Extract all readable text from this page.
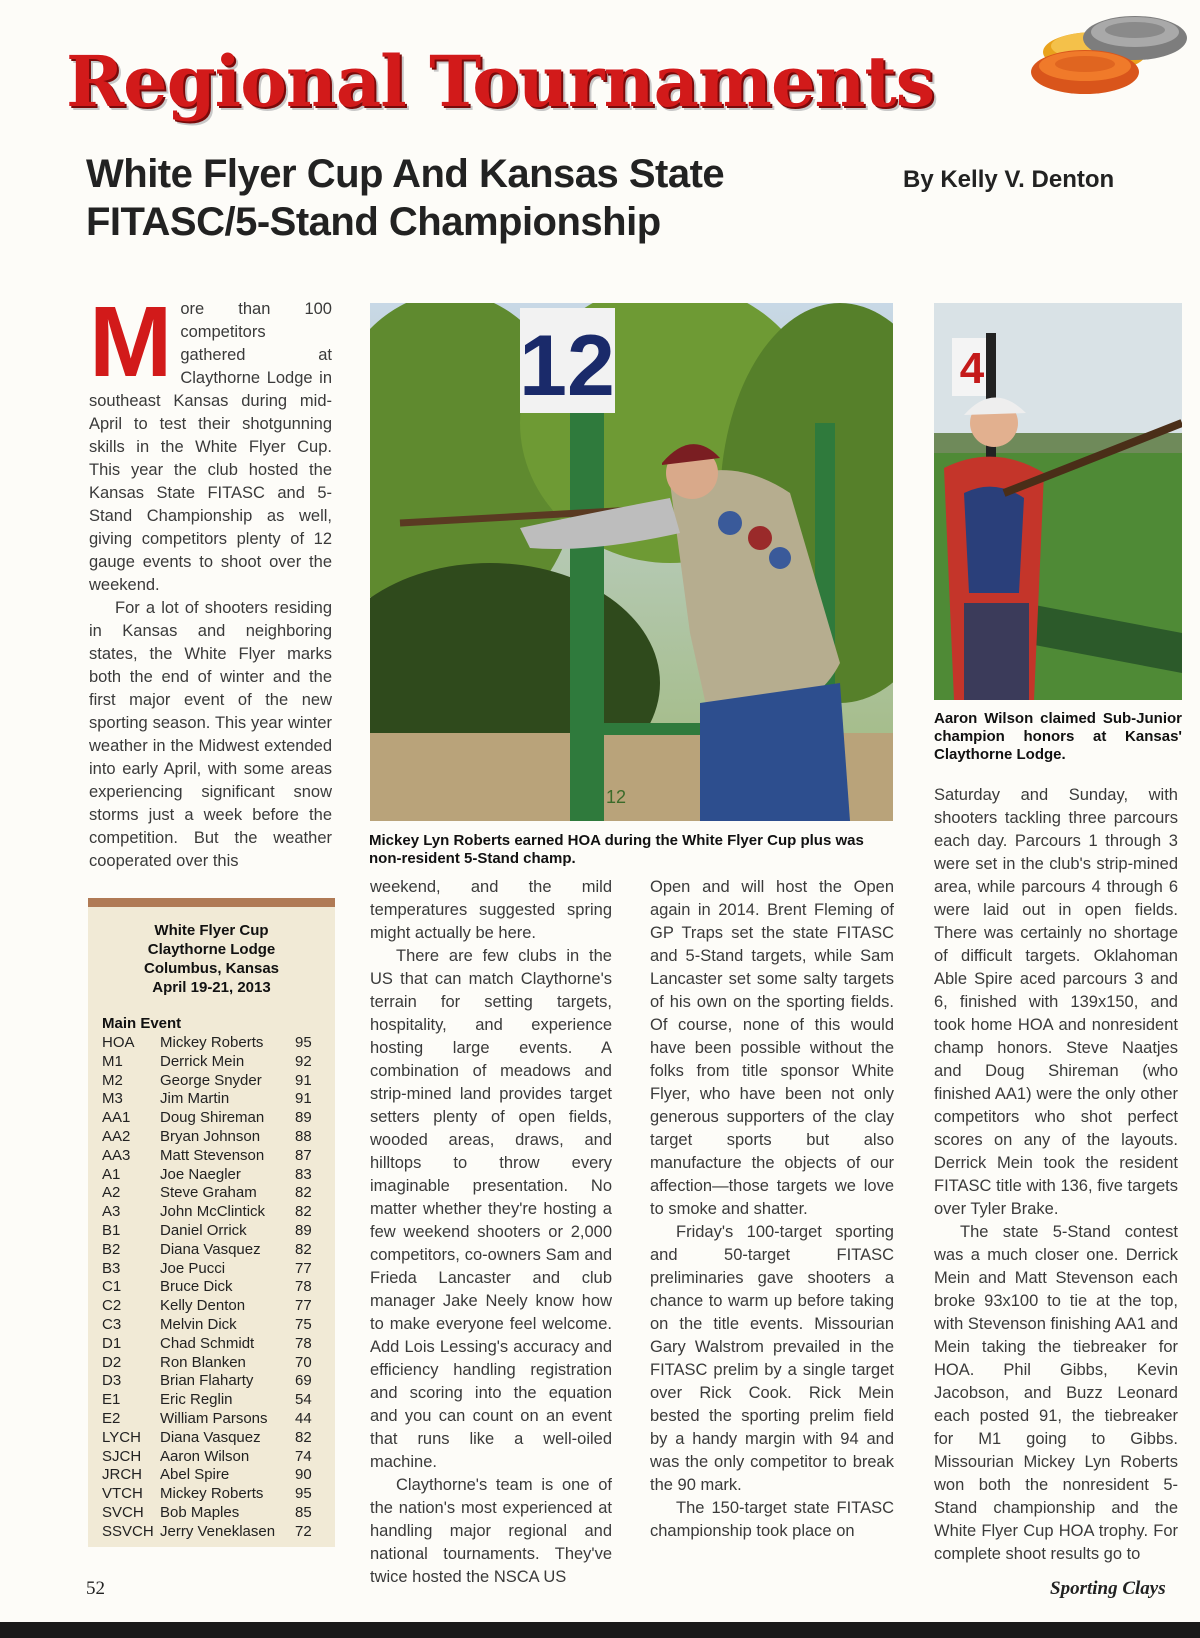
Regional Tournaments
White Flyer Cup And Kansas State FITASC/5-Stand Championship
By Kelly V. Denton
M ore than 100 competitors gathered at Claythorne Lodge in southeast Kansas during mid-April to test their shotgunning skills in the White Flyer Cup. This year the club hosted the Kansas State FITASC and 5-Stand Championship as well, giving competitors plenty of 12 gauge events to shoot over the weekend.

For a lot of shooters residing in Kansas and neighboring states, the White Flyer marks both the end of winter and the first major event of the new sporting season. This year winter weather in the Midwest extended into early April, with some areas experiencing significant snow storms just a week before the competition. But the weather cooperated over this

12
12
Mickey Lyn Roberts earned HOA during the White Flyer Cup plus was non-resident 5-Stand champ.
4
Aaron Wilson claimed Sub-Junior champion honors at Kansas' Claythorne Lodge.

weekend, and the mild temperatures suggested spring might actually be here.

There are few clubs in the US that can match Claythorne's terrain for setting targets, hospitality, and experience hosting large events. A combination of meadows and strip-mined land provides target setters plenty of open fields, wooded areas, draws, and hilltops to throw every imaginable presentation. No matter whether they're hosting a few weekend shooters or 2,000 competitors, co-owners Sam and Frieda Lancaster and club manager Jake Neely know how to make everyone feel welcome. Add Lois Lessing's accuracy and efficiency handling registration and scoring into the equation and you can count on an event that runs like a well-oiled machine.

Claythorne's team is one of the nation's most experienced at handling major regional and national tournaments. They've twice hosted the NSCA US

Open and will host the Open again in 2014. Brent Fleming of GP Traps set the state FITASC and 5-Stand targets, while Sam Lancaster set some salty targets of his own on the sporting fields. Of course, none of this would have been possible without the folks from title sponsor White Flyer, who have been not only generous supporters of the clay target sports but also manufacture the objects of our affection—those targets we love to smoke and shatter.

Friday's 100-target sporting and 50-target FITASC preliminaries gave shooters a chance to warm up before taking on the title events. Missourian Gary Walstrom prevailed in the FITASC prelim by a single target over Rick Cook. Rick Mein bested the sporting prelim field by a handy margin with 94 and was the only competitor to break the 90 mark.

The 150-target state FITASC championship took place on

Saturday and Sunday, with shooters tackling three parcours each day. Parcours 1 through 3 were set in the club's strip-mined area, while parcours 4 through 6 were laid out in open fields. There was certainly no shortage of difficult targets. Oklahoman Able Spire aced parcours 3 and 6, finished with 139x150, and took home HOA and nonresident champ honors. Steve Naatjes and Doug Shireman (who finished AA1) were the only other competitors who shot perfect scores on any of the layouts. Derrick Mein took the resident FITASC title with 136, five targets over Tyler Brake.

The state 5-Stand contest was a much closer one. Derrick Mein and Matt Stevenson each broke 93x100 to tie at the top, with Stevenson finishing AA1 and Mein taking the tiebreaker for HOA. Phil Gibbs, Kevin Jacobson, and Buzz Leonard each posted 91, the tiebreaker for M1 going to Gibbs. Missourian Mickey Lyn Roberts won both the nonresident 5-Stand championship and the White Flyer Cup HOA trophy. For complete shoot results go to

White Flyer Cup
Claythorne Lodge
Columbus, Kansas
April 19-21, 2013
Main Event
HOA	Mickey Roberts	95
M1	Derrick Mein	92
M2	George Snyder	91
M3	Jim Martin	91
AA1	Doug Shireman	89
AA2	Bryan Johnson	88
AA3	Matt Stevenson	87
A1	Joe Naegler	83
A2	Steve Graham	82
A3	John McClintick	82
B1	Daniel Orrick	89
B2	Diana Vasquez	82
B3	Joe Pucci	77
C1	Bruce Dick	78
C2	Kelly Denton	77
C3	Melvin Dick	75
D1	Chad Schmidt	78
D2	Ron Blanken	70
D3	Brian Flaharty	69
E1	Eric Reglin	54
E2	William Parsons	44
LYCH	Diana Vasquez	82
SJCH	Aaron Wilson	74
JRCH	Abel Spire	90
VTCH	Mickey Roberts	95
SVCH	Bob Maples	85
SSVCH	Jerry Veneklasen	72
52	Sporting Clays
